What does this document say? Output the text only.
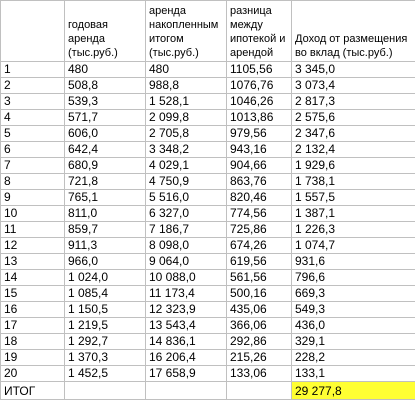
	годовая аренда (тыс.руб.)	аренда накопленным итогом (тыс.руб.)	разница между ипотекой и арендой	Доход от размещения во вклад (тыс.руб.)
1	480	480	1105,56	3 345,0
2	508,8	988,8	1076,76	3 073,4
3	539,3	1 528,1	1046,26	2 817,3
4	571,7	2 099,8	1013,86	2 575,6
5	606,0	2 705,8	979,56	2 347,6
6	642,4	3 348,2	943,16	2 132,4
7	680,9	4 029,1	904,66	1 929,6
8	721,8	4 750,9	863,76	1 738,1
9	765,1	5 516,0	820,46	1 557,5
10	811,0	6 327,0	774,56	1 387,1
11	859,7	7 186,7	725,86	1 226,3
12	911,3	8 098,0	674,26	1 074,7
13	966,0	9 064,0	619,56	931,6
14	1 024,0	10 088,0	561,56	796,6
15	1 085,4	11 173,4	500,16	669,3
16	1 150,5	12 323,9	435,06	549,3
17	1 219,5	13 543,4	366,06	436,0
18	1 292,7	14 836,1	292,86	329,1
19	1 370,3	16 206,4	215,26	228,2
20	1 452,5	17 658,9	133,06	133,1
ИТОГ				29 277,8
